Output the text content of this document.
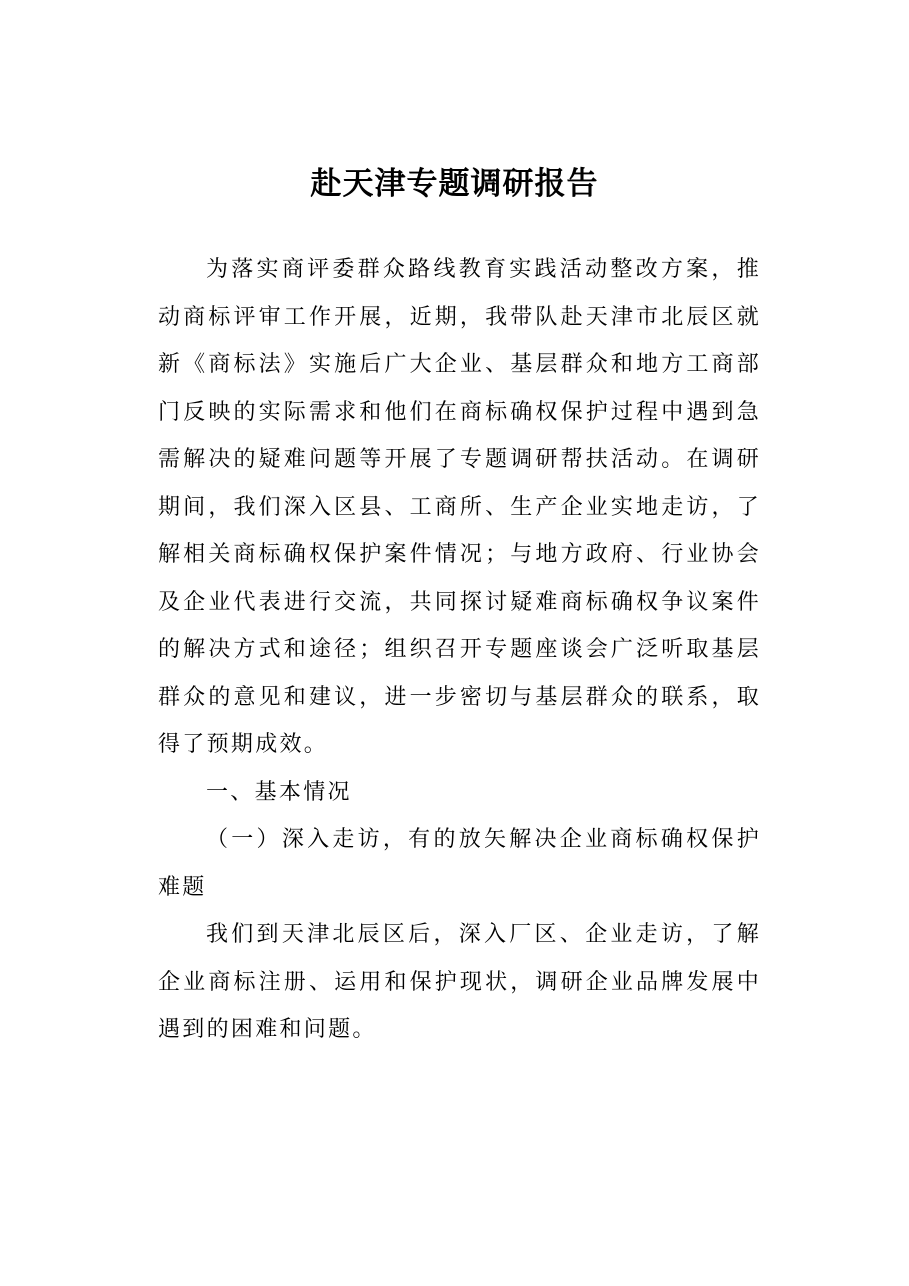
赴天津专题调研报告

为落实商评委群众路线教育实践活动整改方案，推动商标评审工作开展，近期，我带队赴天津市北辰区就新《商标法》实施后广大企业、基层群众和地方工商部门反映的实际需求和他们在商标确权保护过程中遇到急需解决的疑难问题等开展了专题调研帮扶活动。在调研期间，我们深入区县、工商所、生产企业实地走访，了解相关商标确权保护案件情况；与地方政府、行业协会及企业代表进行交流，共同探讨疑难商标确权争议案件的解决方式和途径；组织召开专题座谈会广泛听取基层群众的意见和建议，进一步密切与基层群众的联系，取得了预期成效。

一、基本情况

（一）深入走访，有的放矢解决企业商标确权保护难题

我们到天津北辰区后，深入厂区、企业走访，了解企业商标注册、运用和保护现状，调研企业品牌发展中遇到的困难和问题。
